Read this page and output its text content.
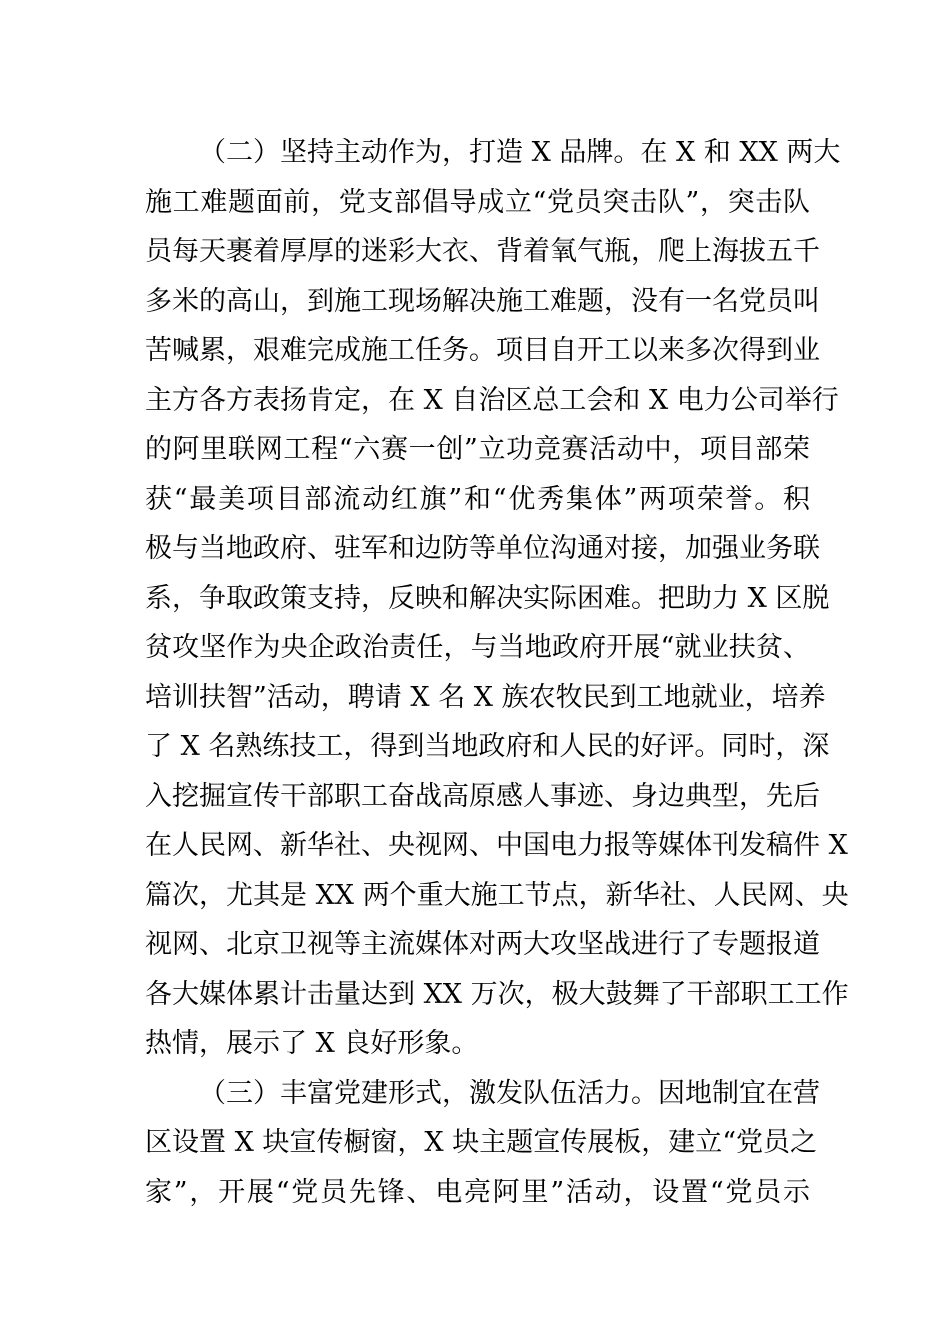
（二）坚持主动作为，打造 X 品牌。在 X 和 XX 两大
施工难题面前，党支部倡导成立“党员突击队”，突击队
员每天裹着厚厚的迷彩大衣、背着氧气瓶，爬上海拔五千
多米的高山，到施工现场解决施工难题，没有一名党员叫
苦喊累，艰难完成施工任务。项目自开工以来多次得到业
主方各方表扬肯定，在 X 自治区总工会和 X 电力公司举行
的阿里联网工程“六赛一创”立功竞赛活动中，项目部荣
获“最美项目部流动红旗”和“优秀集体”两项荣誉。积
极与当地政府、驻军和边防等单位沟通对接，加强业务联
系，争取政策支持，反映和解决实际困难。把助力 X 区脱
贫攻坚作为央企政治责任，与当地政府开展“就业扶贫、
培训扶智”活动，聘请 X 名 X 族农牧民到工地就业，培养
了 X 名熟练技工，得到当地政府和人民的好评。同时，深
入挖掘宣传干部职工奋战高原感人事迹、身边典型，先后
在人民网、新华社、央视网、中国电力报等媒体刊发稿件 X
篇次，尤其是 XX 两个重大施工节点，新华社、人民网、央
视网、北京卫视等主流媒体对两大攻坚战进行了专题报道
各大媒体累计击量达到 XX 万次，极大鼓舞了干部职工工作
热情，展示了 X 良好形象。
（三）丰富党建形式，激发队伍活力。因地制宜在营
区设置 X 块宣传橱窗，X 块主题宣传展板，建立“党员之
家”，开展“党员先锋、电亮阿里”活动，设置“党员示
